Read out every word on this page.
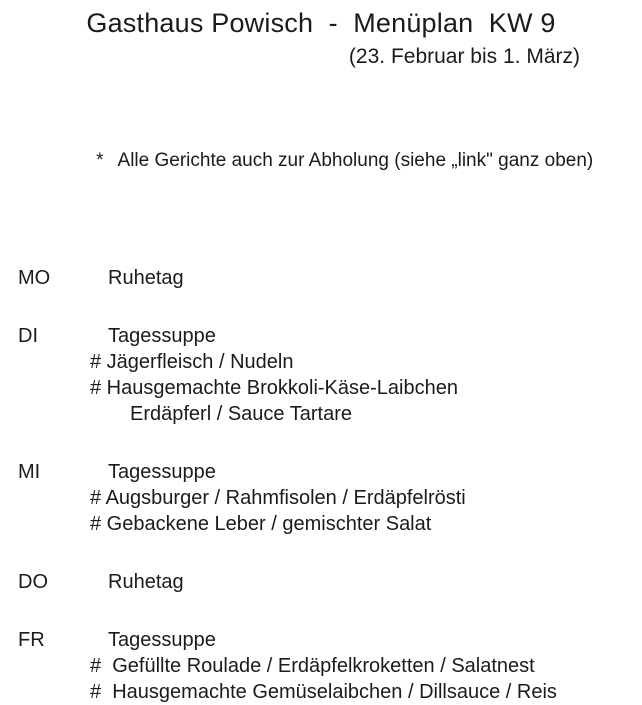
Gasthaus Powisch  -  Menüplan  KW 9
(23. Februar bis 1. März)

* Alle Gerichte auch zur Abholung (siehe „link" ganz oben)

MO	Ruhetag
DI	Tagessuppe
# Jägerfleisch / Nudeln
# Hausgemachte Brokkoli-Käse-Laibchen
Erdäpferl / Sauce Tartare
MI	Tagessuppe
# Augsburger / Rahmfisolen / Erdäpfelrösti
# Gebackene Leber / gemischter Salat
DO	Ruhetag
FR	Tagessuppe
#  Gefüllte Roulade / Erdäpfelkroketten / Salatnest
#  Hausgemachte Gemüselaibchen / Dillsauce / Reis
